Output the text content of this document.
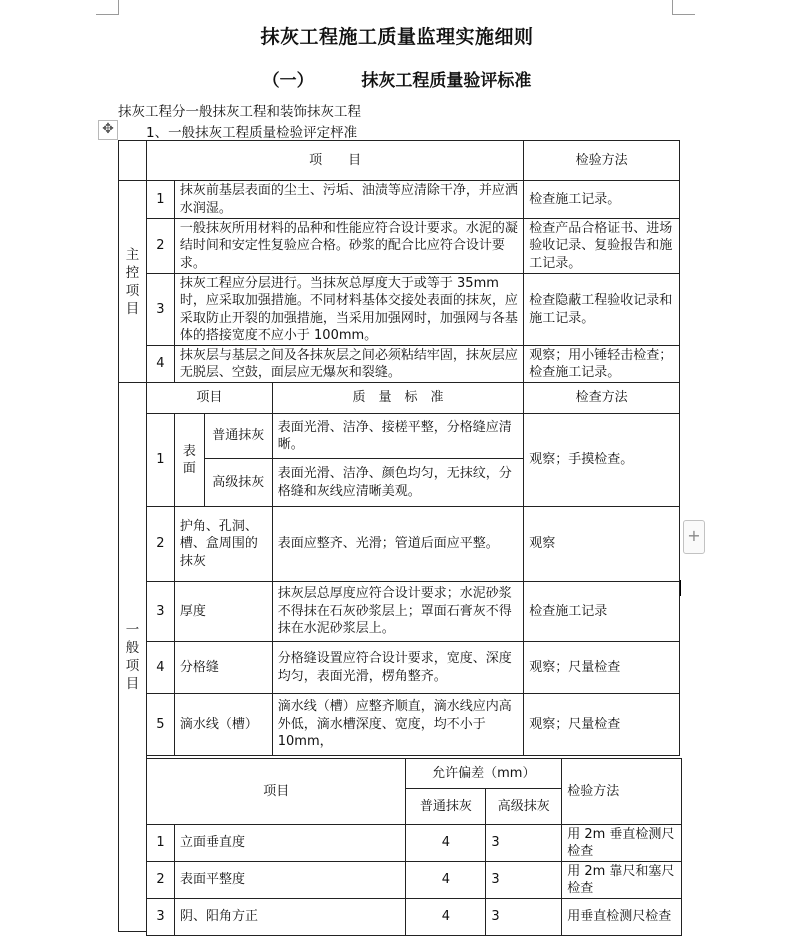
抹灰工程施工质量监理实施细则
（一）	抹灰工程质量验评标准
抹灰工程分一般抹灰工程和装饰抹灰工程
1、一般抹灰工程质量检验评定枰准
✥
	项　　目				检验方法

主
控
项
目	1	抹灰前基层表面的尘土、污垢、油渍等应清除干净，并应洒水润湿。			检查施工记录。
	2	一般抹灰所用材料的品种和性能应符合设计要求。水泥的凝结时间和安定性复验应合格。砂浆的配合比应符合设计要求。			检查产品合格证书、进场验收记录、复验报告和施工记录。
	3	抹灰工程应分层进行。当抹灰总厚度大于或等于 35mm 时，应采取加强措施。不同材料基体交接处表面的抹灰，应采取防止开裂的加强措施，当采用加强网时，加强网与各基体的搭接宽度不应小于 100mm。			检查隐蔽工程验收记录和施工记录。
	4	抹灰层与基层之间及各抹灰层之间必须粘结牢固，抹灰层应无脱层、空鼓，面层应无爆灰和裂缝。			观察；用小锤轻击检查；检查施工记录。

一
般
项
目	项目			质　量　标　准	检查方法
	1	表面	普通抹灰	表面光滑、洁净、接槎平整，分格缝应清晰。	观察；手摸检查。
			高级抹灰	表面光滑、洁净、颜色均匀，无抹纹，分格缝和灰线应清晰美观。	
	2	护角、孔洞、槽、盒周围的抹灰		表面应整齐、光滑；管道后面应平整。	观察
	3	厚度		抹灰层总厚度应符合设计要求；水泥砂浆不得抹在石灰砂浆层上；罩面石膏灰不得抹在水泥砂浆层上。	检查施工记录
	4	分格缝		分格缝设置应符合设计要求，宽度、深度均匀，表面光滑，楞角整齐。	观察；尺量检查
	5	滴水线（槽）		滴水线（槽）应整齐顺直，滴水线应内高外低，滴水槽深度、宽度，均不小于 10mm，	观察；尺量检查

项目		允许偏差（mm）		检验方法
		普通抹灰	高级抹灰	
1	立面垂直度	4	3	用 2m 垂直检测尺检查
2	表面平整度	4	3	用 2m 靠尺和塞尺检查
3	阴、阳角方正	4	3	用垂直检测尺检查
+
